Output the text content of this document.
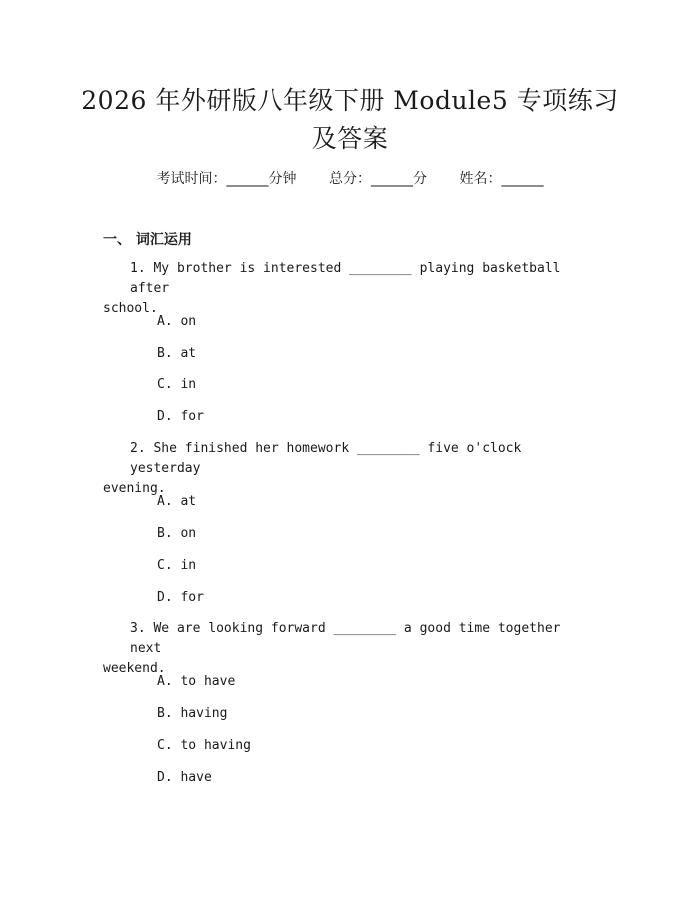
2026 年外研版八年级下册 Module5 专项练习
及答案
考试时间：______分钟 总分：______分 姓名：______
一、 词汇运用
1. My brother is interested ________ playing basketball after
school.
A. on
B. at
C. in
D. for
2. She finished her homework ________ five o'clock yesterday
evening.
A. at
B. on
C. in
D. for
3. We are looking forward ________ a good time together next
weekend.
A. to have
B. having
C. to having
D. have
